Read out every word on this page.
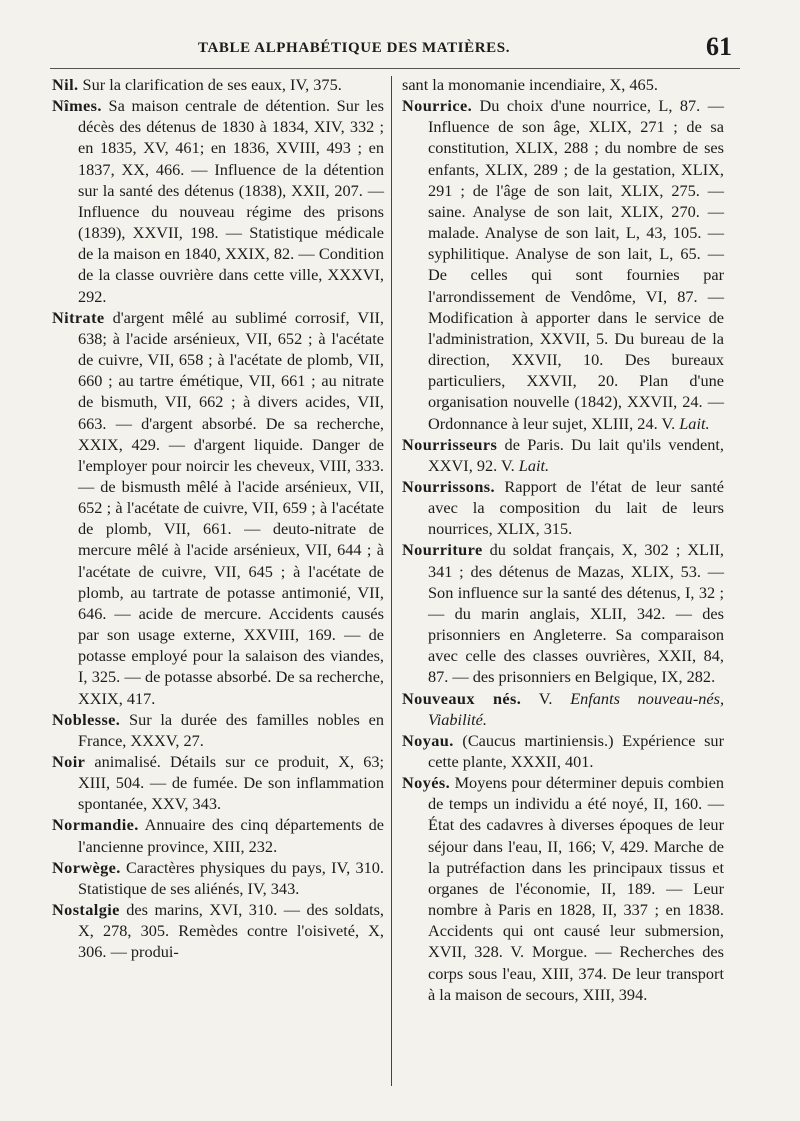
TABLE ALPHABÉTIQUE DES MATIÈRES.	61
Nil. Sur la clarification de ses eaux, IV, 375.
Nîmes. Sa maison centrale de détention. Sur les décès des détenus de 1830 à 1834, XIV, 332 ; en 1835, XV, 461; en 1836, XVIII, 493 ; en 1837, XX, 466. — Influence de la détention sur la santé des détenus (1838), XXII, 207. — Influence du nouveau régime des prisons (1839), XXVII, 198. — Statistique médicale de la maison en 1840, XXIX, 82. — Condition de la classe ouvrière dans cette ville, XXXVI, 292.
Nitrate d'argent mêlé au sublimé corrosif, VII, 638; à l'acide arsénieux, VII, 652 ; à l'acétate de cuivre, VII, 658 ; à l'acétate de plomb, VII, 660 ; au tartre émétique, VII, 661 ; au nitrate de bismuth, VII, 662 ; à divers acides, VII, 663. — d'argent absorbé. De sa recherche, XXIX, 429. — d'argent liquide. Danger de l'employer pour noircir les cheveux, VIII, 333. — de bismusth mêlé à l'acide arsénieux, VII, 652 ; à l'acétate de cuivre, VII, 659 ; à l'acétate de plomb, VII, 661. — deuto-nitrate de mercure mêlé à l'acide arsénieux, VII, 644 ; à l'acétate de cuivre, VII, 645 ; à l'acétate de plomb, au tartrate de potasse antimonié, VII, 646. — acide de mercure. Accidents causés par son usage externe, XXVIII, 169. — de potasse employé pour la salaison des viandes, I, 325. — de potasse absorbé. De sa recherche, XXIX, 417.
Noblesse. Sur la durée des familles nobles en France, XXXV, 27.
Noir animalisé. Détails sur ce produit, X, 63; XIII, 504. — de fumée. De son inflammation spontanée, XXV, 343.
Normandie. Annuaire des cinq départements de l'ancienne province, XIII, 232.
Norwège. Caractères physiques du pays, IV, 310. Statistique de ses aliénés, IV, 343.
Nostalgie des marins, XVI, 310. — des soldats, X, 278, 305. Remèdes contre l'oisiveté, X, 306. — produi-
sant la monomanie incendiaire, X, 465.
Nourrice. Du choix d'une nourrice, L, 87. — Influence de son âge, XLIX, 271 ; de sa constitution, XLIX, 288 ; du nombre de ses enfants, XLIX, 289 ; de la gestation, XLIX, 291 ; de l'âge de son lait, XLIX, 275. — saine. Analyse de son lait, XLIX, 270. — malade. Analyse de son lait, L, 43, 105. — syphilitique. Analyse de son lait, L, 65. — De celles qui sont fournies par l'arrondissement de Vendôme, VI, 87. — Modification à apporter dans le service de l'administration, XXVII, 5. Du bureau de la direction, XXVII, 10. Des bureaux particuliers, XXVII, 20. Plan d'une organisation nouvelle (1842), XXVII, 24. — Ordonnance à leur sujet, XLIII, 24. V. Lait.
Nourrisseurs de Paris. Du lait qu'ils vendent, XXVI, 92. V. Lait.
Nourrissons. Rapport de l'état de leur santé avec la composition du lait de leurs nourrices, XLIX, 315.
Nourriture du soldat français, X, 302 ; XLII, 341 ; des détenus de Mazas, XLIX, 53. — Son influence sur la santé des détenus, I, 32 ; — du marin anglais, XLII, 342. — des prisonniers en Angleterre. Sa comparaison avec celle des classes ouvrières, XXII, 84, 87. — des prisonniers en Belgique, IX, 282.
Nouveaux nés. V. Enfants nouveau-nés, Viabilité.
Noyau. (Caucus martiniensis.) Expérience sur cette plante, XXXII, 401.
Noyés. Moyens pour déterminer depuis combien de temps un individu a été noyé, II, 160. — État des cadavres à diverses époques de leur séjour dans l'eau, II, 166; V, 429. Marche de la putréfaction dans les principaux tissus et organes de l'économie, II, 189. — Leur nombre à Paris en 1828, II, 337 ; en 1838. Accidents qui ont causé leur submersion, XVII, 328. V. Morgue. — Recherches des corps sous l'eau, XIII, 374. De leur transport à la maison de secours, XIII, 394.
